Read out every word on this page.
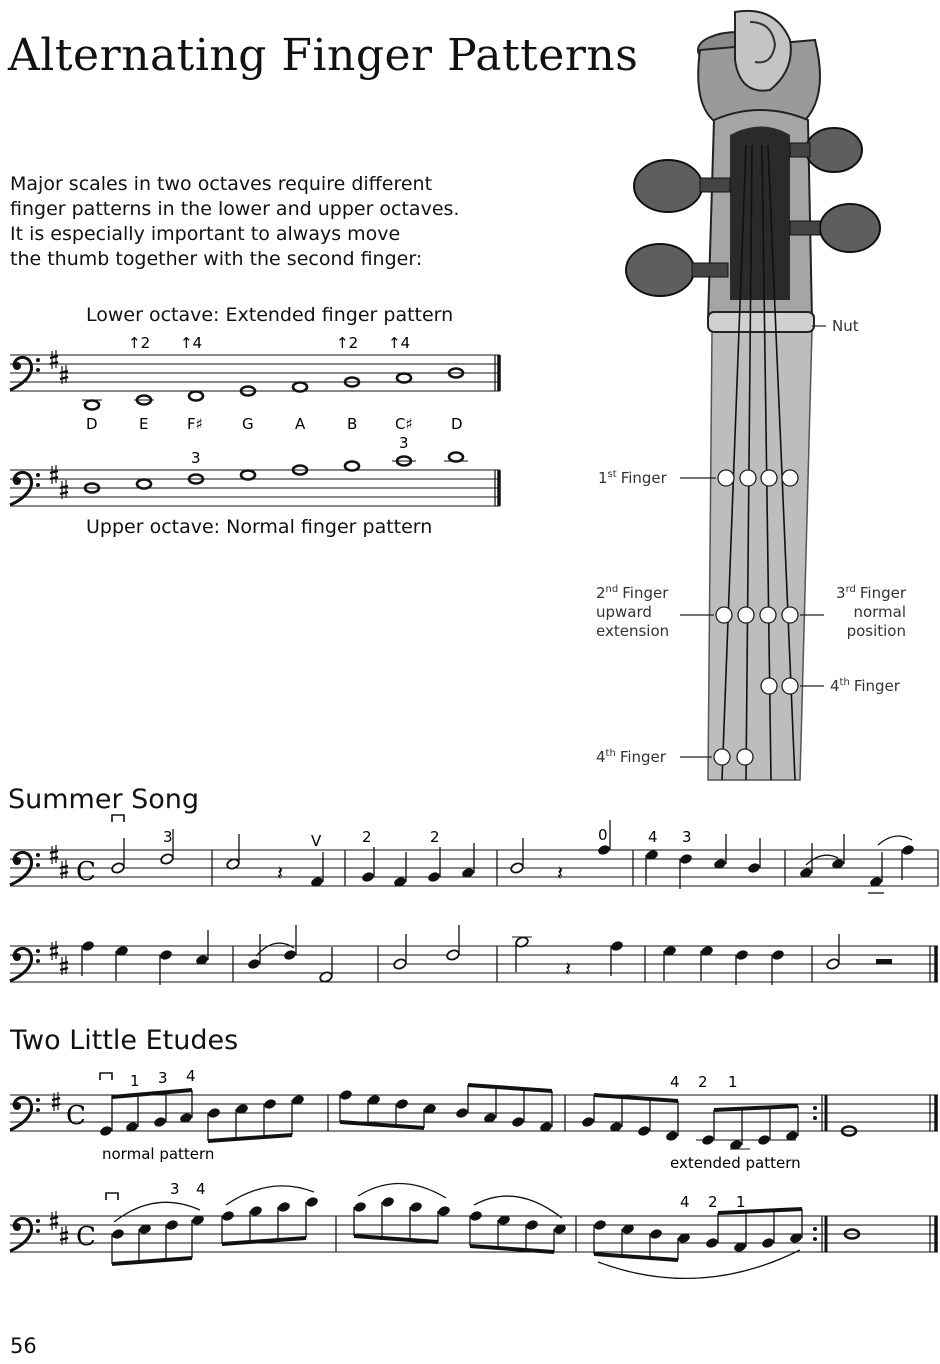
Alternating Finger Patterns
Major scales in two octaves require different
finger patterns in the lower and upper octaves.
It is especially important to always move
the thumb together with the second finger:
Lower octave: Extended finger pattern
Upper octave: Normal finger pattern
Summer Song
Two Little Etudes
56
↑2 ↑4	↑2 ↑4
D	E	F♯	G	A	B	C♯	D
3
3
Nut
1st Finger
2nd Finger
upward
extension
3rd Finger
normal
position
4th Finger
4th Finger
C	𝄽	𝄽
3	V	2	2	0	4 3
𝄽
C
1 3 4	4 2 1
normal pattern	extended pattern
C
3 4
4 2 1
